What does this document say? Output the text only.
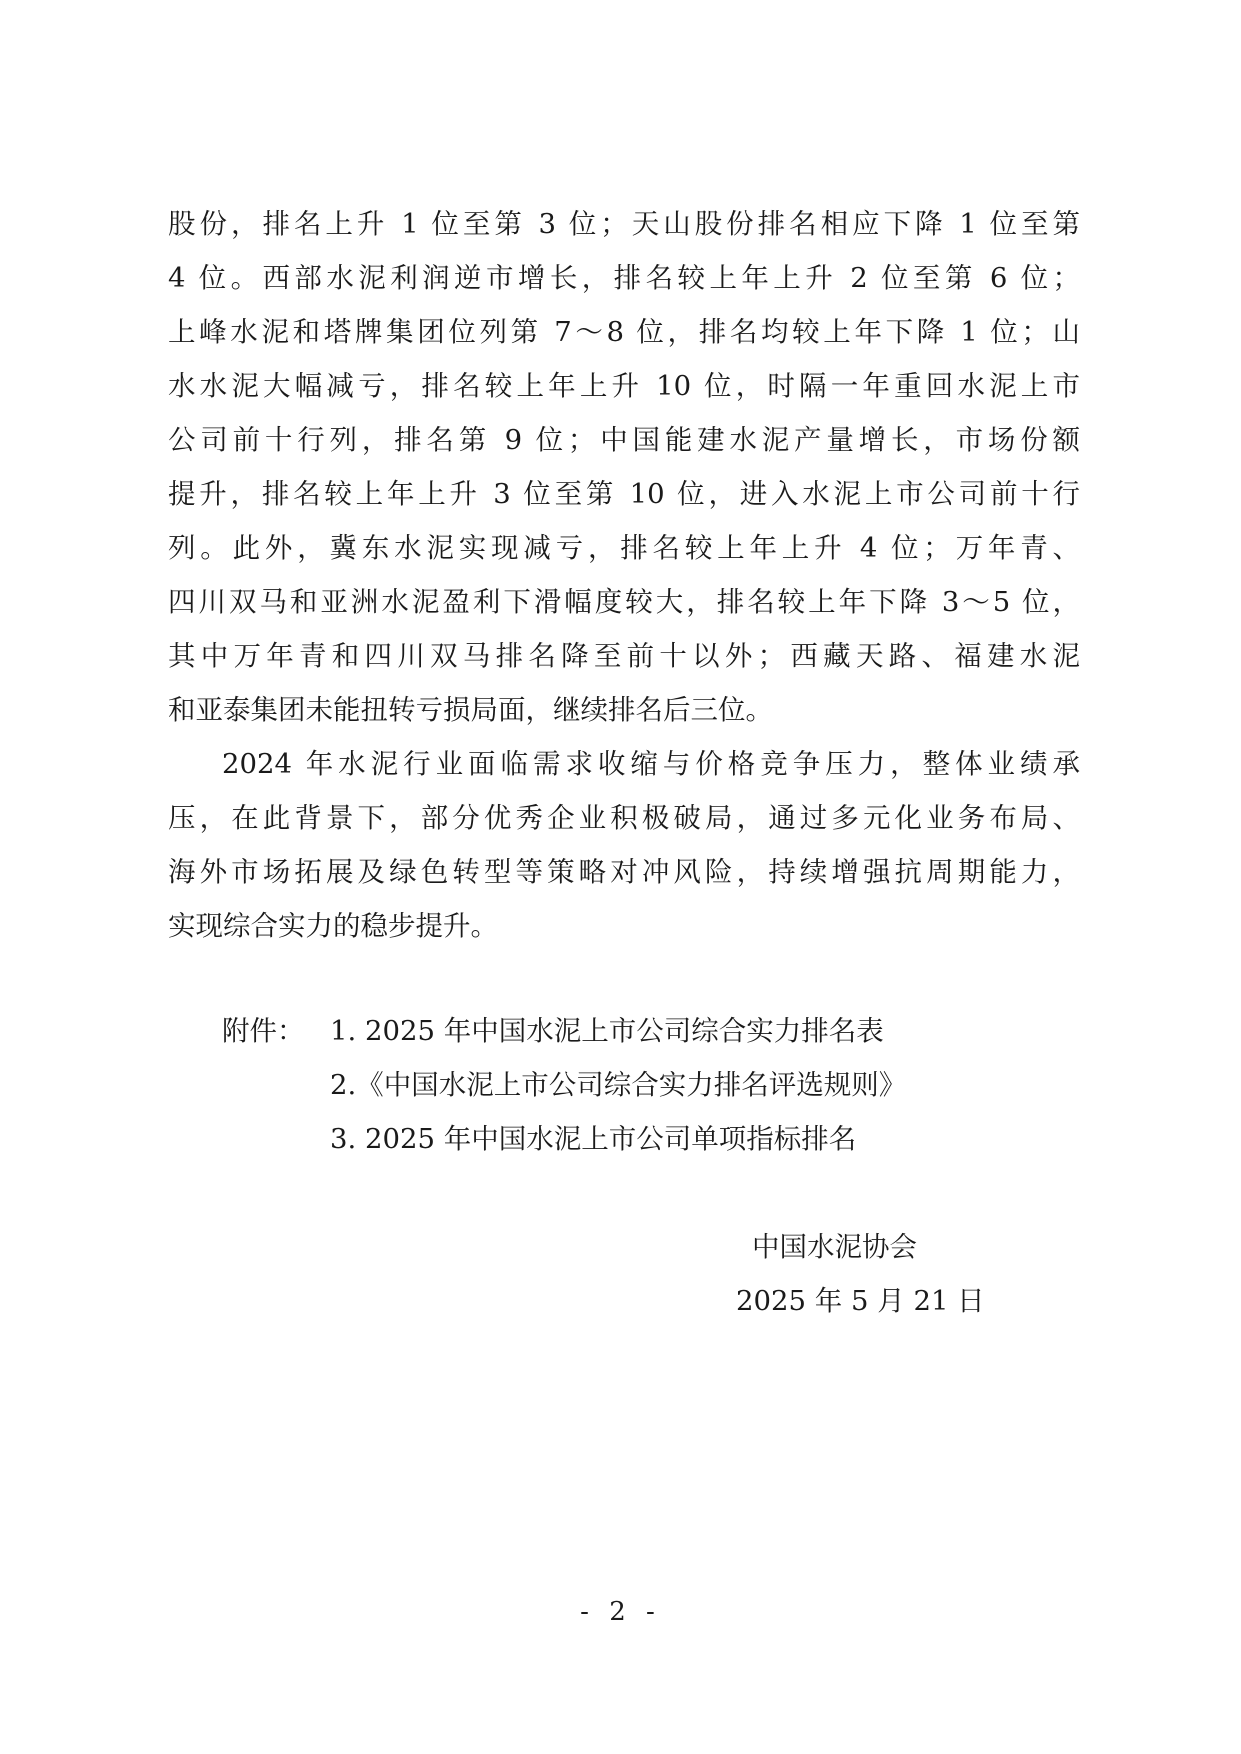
股份，排名上升 1 位至第 3 位；天山股份排名相应下降 1 位至第
4 位。西部水泥利润逆市增长，排名较上年上升 2 位至第 6 位；
上峰水泥和塔牌集团位列第 7～8 位，排名均较上年下降 1 位；山
水水泥大幅减亏，排名较上年上升 10 位，时隔一年重回水泥上市
公司前十行列，排名第 9 位；中国能建水泥产量增长，市场份额
提升，排名较上年上升 3 位至第 10 位，进入水泥上市公司前十行
列。此外，冀东水泥实现减亏，排名较上年上升 4 位；万年青、
四川双马和亚洲水泥盈利下滑幅度较大，排名较上年下降 3～5 位，
其中万年青和四川双马排名降至前十以外；西藏天路、福建水泥
和亚泰集团未能扭转亏损局面，继续排名后三位。
2024 年水泥行业面临需求收缩与价格竞争压力，整体业绩承
压，在此背景下，部分优秀企业积极破局，通过多元化业务布局、
海外市场拓展及绿色转型等策略对冲风险，持续增强抗周期能力，
实现综合实力的稳步提升。
附件： 1. 2025 年中国水泥上市公司综合实力排名表
2.《中国水泥上市公司综合实力排名评选规则》
3. 2025 年中国水泥上市公司单项指标排名
中国水泥协会
2025 年 5 月 21 日
- 2 -
